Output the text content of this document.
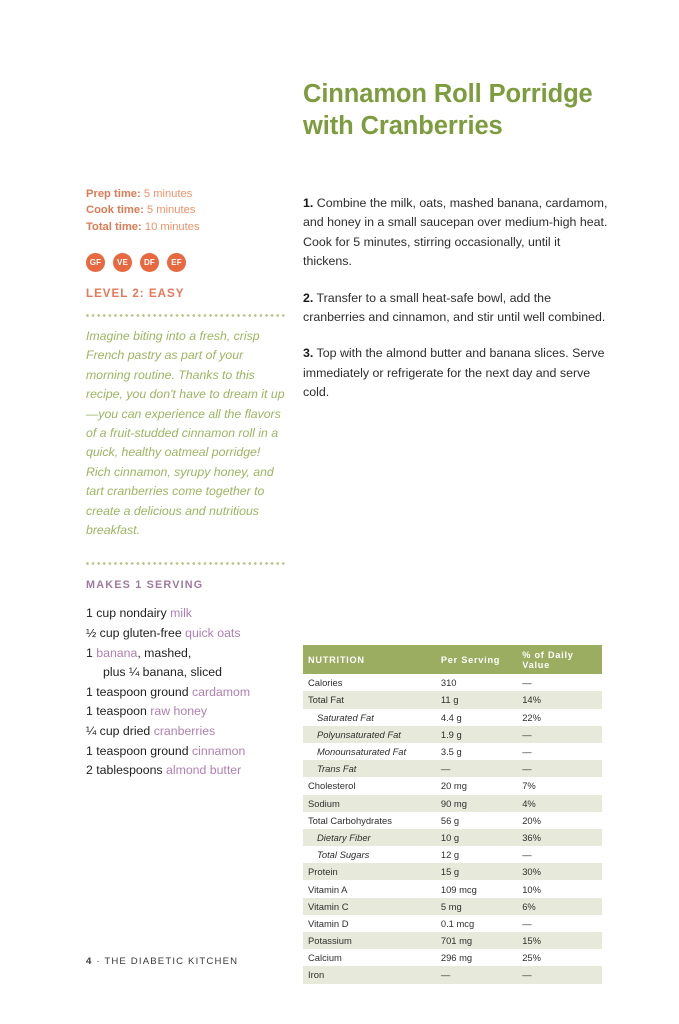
Prep time: 5 minutes
Cook time: 5 minutes
Total time: 10 minutes
GF	VE	DF	EF
LEVEL 2: EASY
Imagine biting into a fresh, crisp French pastry as part of your morning routine. Thanks to this recipe, you don't have to dream it up—you can experience all the flavors of a fruit-studded cinnamon roll in a quick, healthy oatmeal porridge! Rich cinnamon, syrupy honey, and tart cranberries come together to create a delicious and nutritious breakfast.
MAKES 1 SERVING
1 cup nondairy milk
½ cup gluten-free quick oats
1 banana, mashed,
plus ¼ banana, sliced
1 teaspoon ground cardamom
1 teaspoon raw honey
¼ cup dried cranberries
1 teaspoon ground cinnamon
2 tablespoons almond butter
Cinnamon Roll Porridge with Cranberries

1. Combine the milk, oats, mashed banana, cardamom, and honey in a small saucepan over medium-high heat. Cook for 5 minutes, stirring occasionally, until it thickens.

2. Transfer to a small heat-safe bowl, add the cranberries and cinnamon, and stir until well combined.

3. Top with the almond butter and banana slices. Serve immediately or refrigerate for the next day and serve cold.

NUTRITION	Per Serving	% of Daily Value
Calories	310	—
Total Fat	11 g	14%
Saturated Fat	4.4 g	22%
Polyunsaturated Fat	1.9 g	—
Monounsaturated Fat	3.5 g	—
Trans Fat	—	—
Cholesterol	20 mg	7%
Sodium	90 mg	4%
Total Carbohydrates	56 g	20%
Dietary Fiber	10 g	36%
Total Sugars	12 g	—
Protein	15 g	30%
Vitamin A	109 mcg	10%
Vitamin C	5 mg	6%
Vitamin D	0.1 mcg	—
Potassium	701 mg	15%
Calcium	296 mg	25%
Iron	—	—
4 · THE DIABETIC KITCHEN
